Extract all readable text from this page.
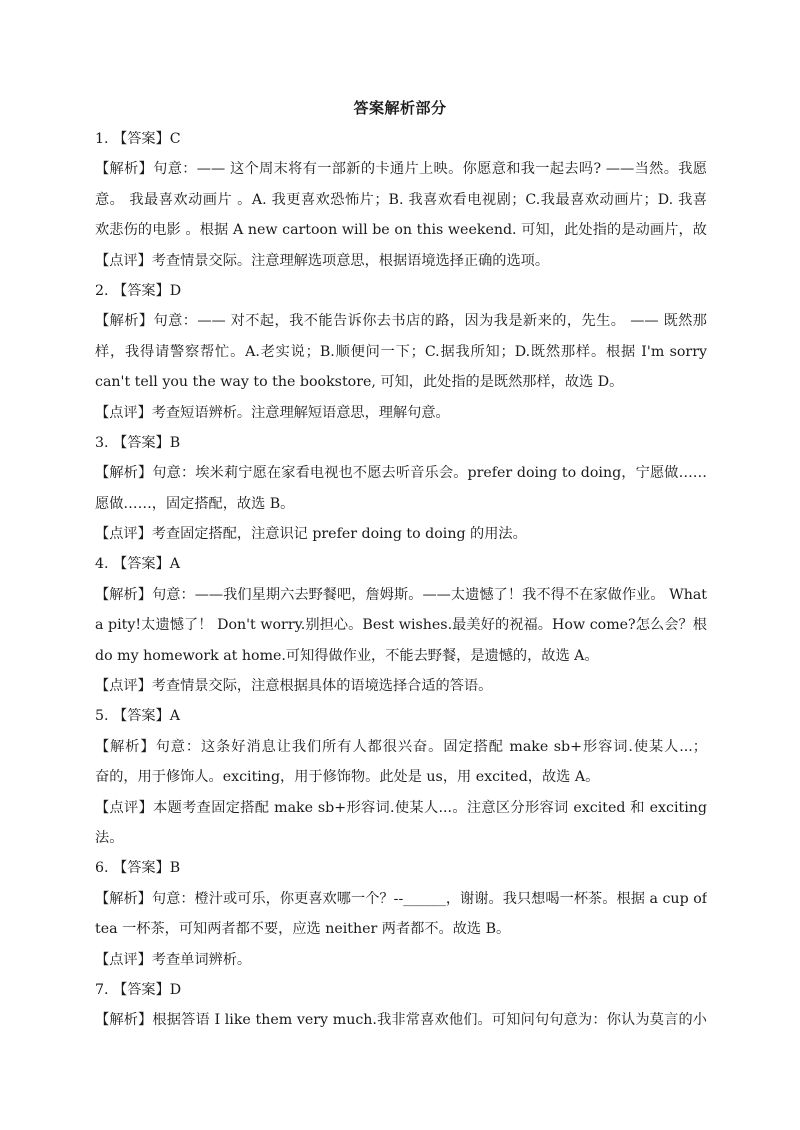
答案解析部分
1. 【答案】C
【解析】句意：—— 这个周末将有一部新的卡通片上映。你愿意和我一起去吗? ——当然。我愿
意。 我最喜欢动画片 。A. 我更喜欢恐怖片；B. 我喜欢看电视剧；C.我最喜欢动画片；D. 我喜
欢悲伤的电影 。根据 A new cartoon will be on this weekend. 可知，此处指的是动画片，故
【点评】考查情景交际。注意理解选项意思，根据语境选择正确的选项。
2. 【答案】D
【解析】句意：—— 对不起，我不能告诉你去书店的路，因为我是新来的，先生。 —— 既然那
样，我得请警察帮忙。A.老实说；B.顺便问一下；C.据我所知；D.既然那样。根据 I'm sorry
can't tell you the way to the bookstore, 可知，此处指的是既然那样，故选 D。
【点评】考查短语辨析。注意理解短语意思，理解句意。
3. 【答案】B
【解析】句意：埃米莉宁愿在家看电视也不愿去听音乐会。prefer doing to doing，宁愿做……
愿做……，固定搭配，故选 B。
【点评】考查固定搭配，注意识记 prefer doing to doing 的用法。
4. 【答案】A
【解析】句意：——我们星期六去野餐吧，詹姆斯。——太遗憾了！我不得不在家做作业。 What
a pity!太遗憾了！ Don't worry.别担心。Best wishes.最美好的祝福。How come?怎么会？根
do my homework at home.可知得做作业，不能去野餐，是遗憾的，故选 A。
【点评】考查情景交际，注意根据具体的语境选择合适的答语。
5. 【答案】A
【解析】句意：这条好消息让我们所有人都很兴奋。固定搭配 make sb+形容词.使某人...；
奋的，用于修饰人。exciting，用于修饰物。此处是 us，用 excited，故选 A。
【点评】本题考查固定搭配 make sb+形容词.使某人...。注意区分形容词 excited 和 exciting
法。
6. 【答案】B
【解析】句意：橙汁或可乐，你更喜欢哪一个？--______，谢谢。我只想喝一杯茶。根据 a cup of
tea 一杯茶，可知两者都不要，应选 neither 两者都不。故选 B。
【点评】考查单词辨析。
7. 【答案】D
【解析】根据答语 I like them very much.我非常喜欢他们。可知问句句意为：你认为莫言的小
